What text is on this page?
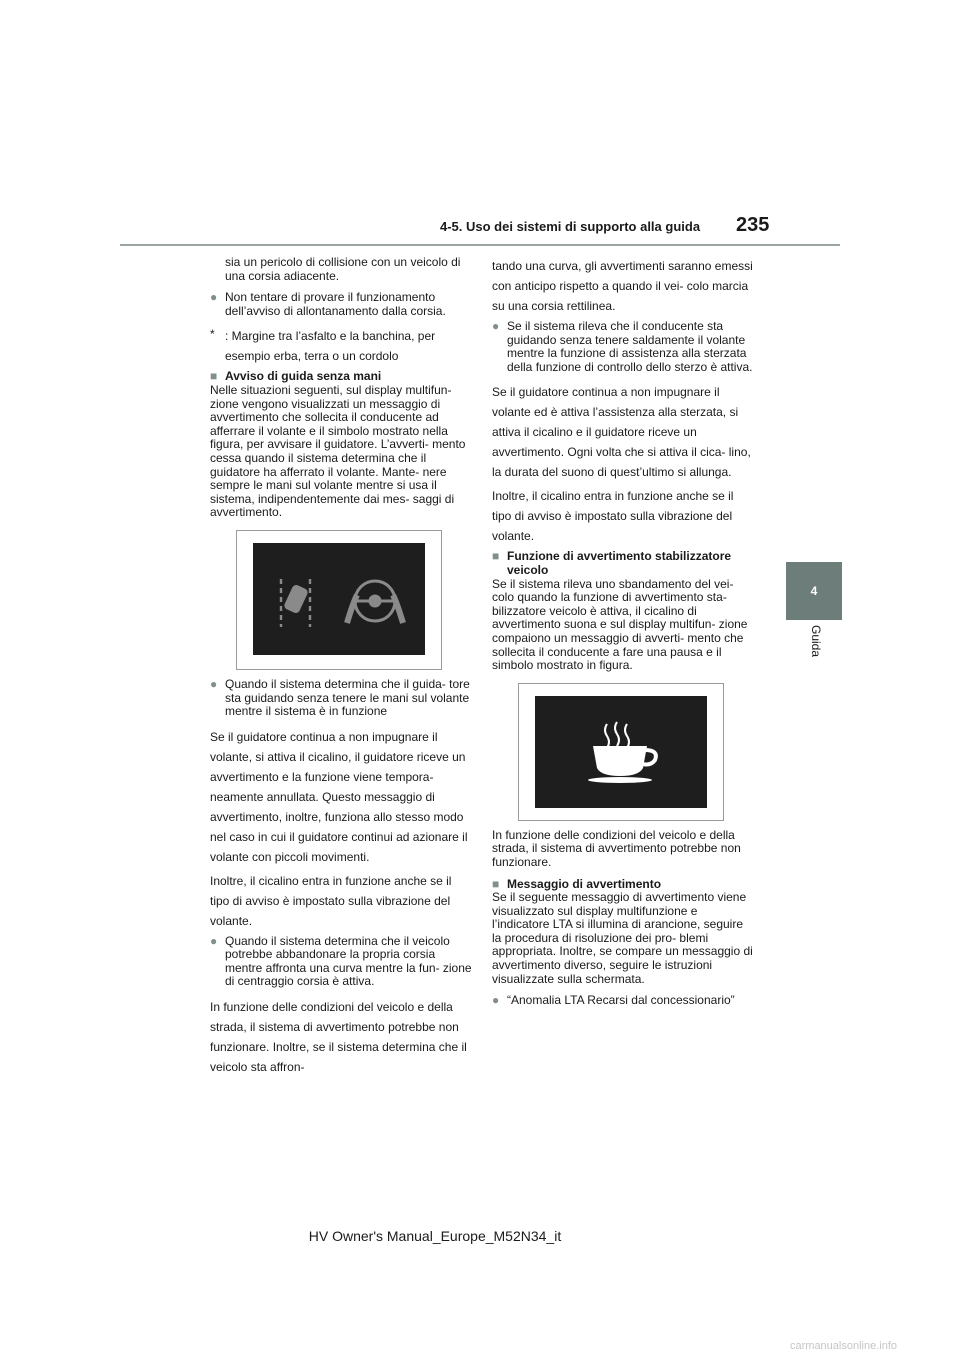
4-5. Uso dei sistemi di supporto alla guida 235
4
Guida

sia un pericolo di collisione con un veicolo di una corsia adiacente.

● Non tentare di provare il funzionamento dell’avviso di allontanamento dalla corsia.

* : Margine tra l’asfalto e la banchina, per esempio erba, terra o un cordolo

■ Avviso di guida senza mani

Nelle situazioni seguenti, sul display multifun- zione vengono visualizzati un messaggio di avvertimento che sollecita il conducente ad afferrare il volante e il simbolo mostrato nella figura, per avvisare il guidatore. L’avverti- mento cessa quando il sistema determina che il guidatore ha afferrato il volante. Mante- nere sempre le mani sul volante mentre si usa il sistema, indipendentemente dai mes- saggi di avvertimento.

● Quando il sistema determina che il guida- tore sta guidando senza tenere le mani sul volante mentre il sistema è in funzione

Se il guidatore continua a non impugnare il volante, si attiva il cicalino, il guidatore riceve un avvertimento e la funzione viene tempora- neamente annullata. Questo messaggio di avvertimento, inoltre, funziona allo stesso modo nel caso in cui il guidatore continui ad azionare il volante con piccoli movimenti.

Inoltre, il cicalino entra in funzione anche se il tipo di avviso è impostato sulla vibrazione del volante.

● Quando il sistema determina che il veicolo potrebbe abbandonare la propria corsia mentre affronta una curva mentre la fun- zione di centraggio corsia è attiva.

In funzione delle condizioni del veicolo e della strada, il sistema di avvertimento potrebbe non funzionare. Inoltre, se il sistema determina che il veicolo sta affron-

tando una curva, gli avvertimenti saranno emessi con anticipo rispetto a quando il vei- colo marcia su una corsia rettilinea.

● Se il sistema rileva che il conducente sta guidando senza tenere saldamente il volante mentre la funzione di assistenza alla sterzata della funzione di controllo dello sterzo è attiva.

Se il guidatore continua a non impugnare il volante ed è attiva l’assistenza alla sterzata, si attiva il cicalino e il guidatore riceve un avvertimento. Ogni volta che si attiva il cica- lino, la durata del suono di quest’ultimo si allunga.

Inoltre, il cicalino entra in funzione anche se il tipo di avviso è impostato sulla vibrazione del volante.

■ Funzione di avvertimento stabilizzatore veicolo

Se il sistema rileva uno sbandamento del vei- colo quando la funzione di avvertimento sta- bilizzatore veicolo è attiva, il cicalino di avvertimento suona e sul display multifun- zione compaiono un messaggio di avverti- mento che sollecita il conducente a fare una pausa e il simbolo mostrato in figura.

In funzione delle condizioni del veicolo e della strada, il sistema di avvertimento potrebbe non funzionare.

■ Messaggio di avvertimento

Se il seguente messaggio di avvertimento viene visualizzato sul display multifunzione e l’indicatore LTA si illumina di arancione, seguire la procedura di risoluzione dei pro- blemi appropriata. Inoltre, se compare un messaggio di avvertimento diverso, seguire le istruzioni visualizzate sulla schermata.

● “Anomalia LTA Recarsi dal concessionario”

HV Owner's Manual_Europe_M52N34_it
carmanualsonline.info
